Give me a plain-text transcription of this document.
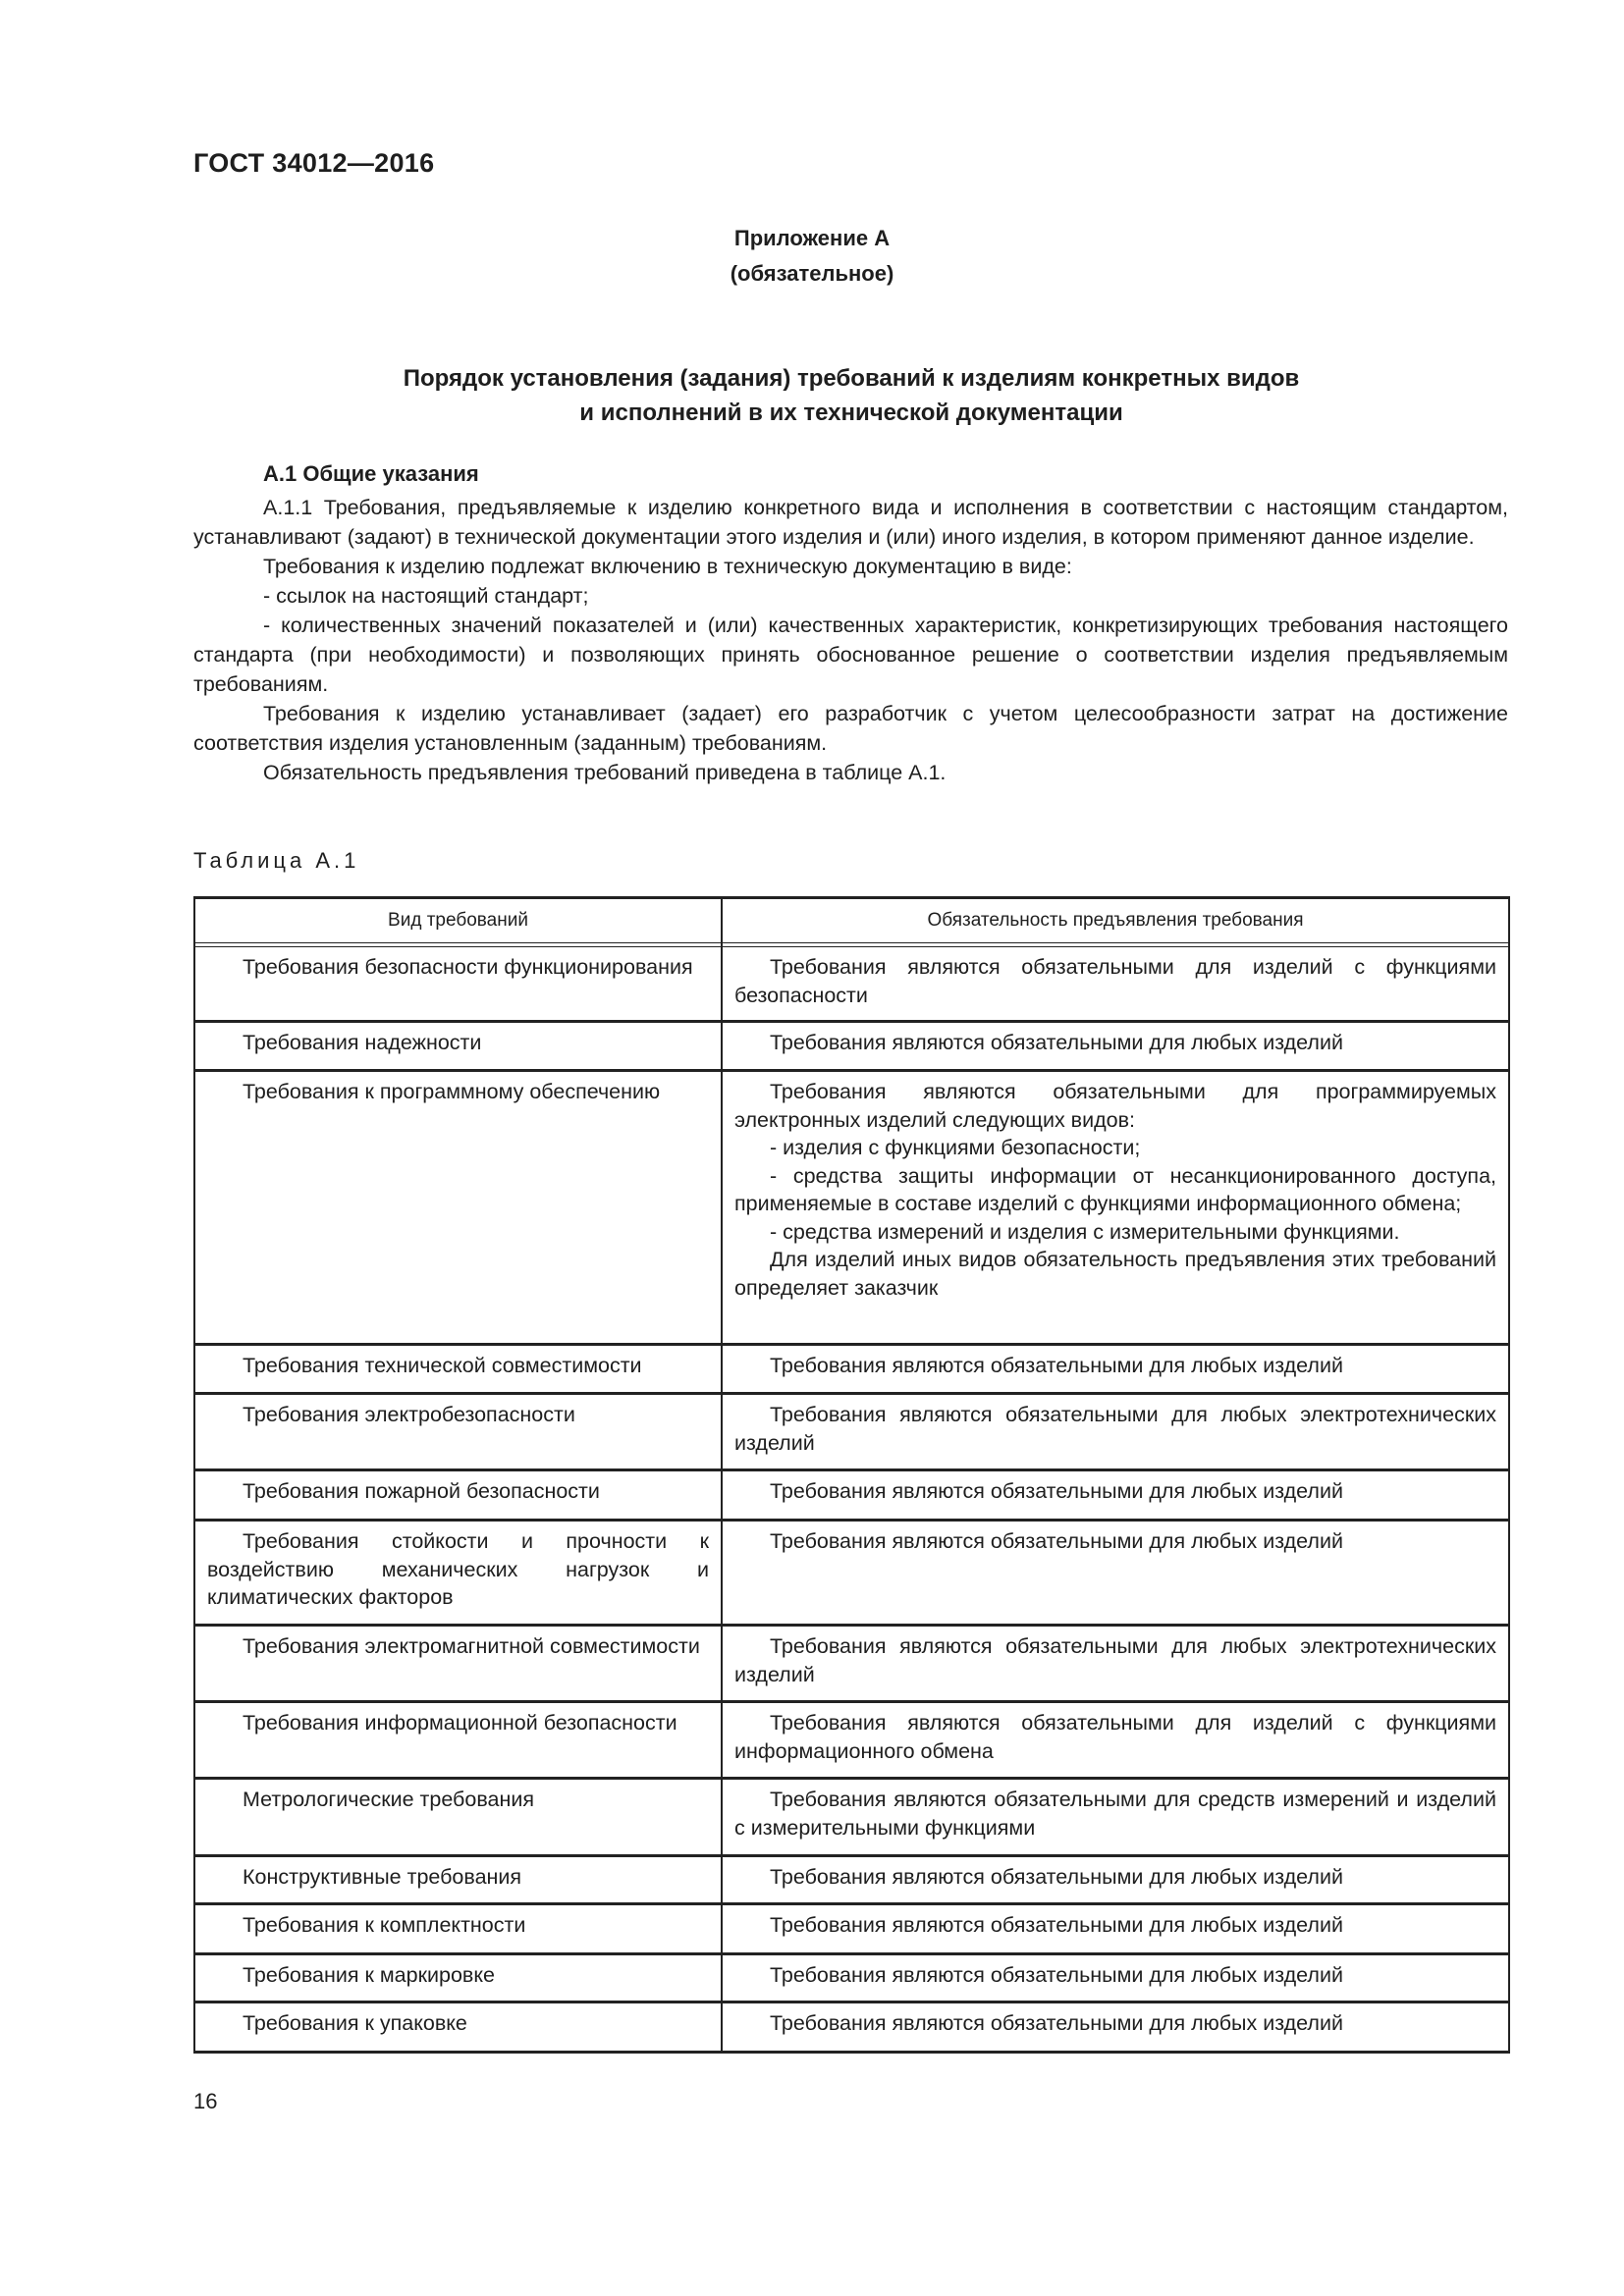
ГОСТ 34012—2016
Приложение А
(обязательное)
Порядок установления (задания) требований к изделиям конкретных видов
и исполнений в их технической документации
А.1 Общие указания

А.1.1 Требования, предъявляемые к изделию конкретного вида и исполнения в соответствии с настоящим стандартом, устанавливают (задают) в технической документации этого изделия и (или) иного изделия, в котором применяют данное изделие.

Требования к изделию подлежат включению в техническую документацию в виде:

- ссылок на настоящий стандарт;

- количественных значений показателей и (или) качественных характеристик, конкретизирующих требования настоящего стандарта (при необходимости) и позволяющих принять обоснованное решение о соответствии изделия предъявляемым требованиям.

Требования к изделию устанавливает (задает) его разработчик с учетом целесообразности затрат на достижение соответствия изделия установленным (заданным) требованиям.

Обязательность предъявления требований приведена в таблице А.1.

Таблица А.1
Вид требований	Обязательность предъявления требования

Требования безопасности функционирования	Требования являются обязательными для изделий с функциями безопасности

Требования надежности	Требования являются обязательными для любых изделий

Требования к программному обеспечению	Требования являются обязательными для программируемых электронных изделий следующих видов:

- изделия с функциями безопасности;

- средства защиты информации от несанкционированного доступа, применяемые в составе изделий с функциями информационного обмена;

- средства измерений и изделия с измерительными функциями.

Для изделий иных видов обязательность предъявления этих требований определяет заказчик

Требования технической совместимости	Требования являются обязательными для любых изделий

Требования электробезопасности	Требования являются обязательными для любых электротехнических изделий

Требования пожарной безопасности	Требования являются обязательными для любых изделий

Требования стойкости и прочности к воздействию механических нагрузок и климатических факторов	Требования являются обязательными для любых изделий

Требования электромагнитной совместимости	Требования являются обязательными для любых электротехнических изделий

Требования информационной безопасности	Требования являются обязательными для изделий с функциями информационного обмена

Метрологические требования	Требования являются обязательными для средств измерений и изделий с измерительными функциями

Конструктивные требования	Требования являются обязательными для любых изделий

Требования к комплектности	Требования являются обязательными для любых изделий

Требования к маркировке	Требования являются обязательными для любых изделий

Требования к упаковке	Требования являются обязательными для любых изделий

16
